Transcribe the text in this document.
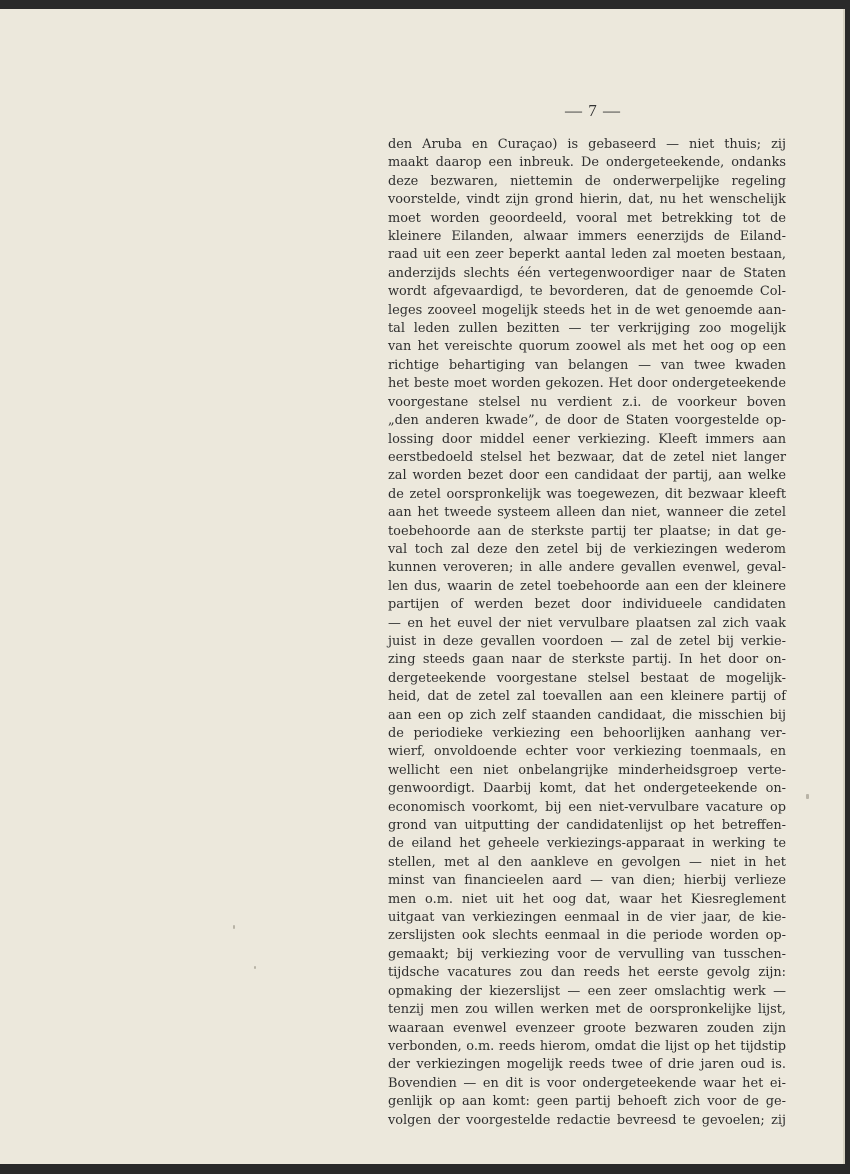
— 7 —
den Aruba en Curaçao) is gebaseerd — niet thuis; zij
maakt daarop een inbreuk. De ondergeteekende, ondanks
deze bezwaren, niettemin de onderwerpelijke regeling
voorstelde, vindt zijn grond hierin, dat, nu het wenschelijk
moet worden geoordeeld, vooral met betrekking tot de
kleinere Eilanden, alwaar immers eenerzijds de Eiland-
raad uit een zeer beperkt aantal leden zal moeten bestaan,
anderzijds slechts één vertegenwoordiger naar de Staten
wordt afgevaardigd, te bevorderen, dat de genoemde Col-
leges zooveel mogelijk steeds het in de wet genoemde aan-
tal leden zullen bezitten — ter verkrijging zoo mogelijk
van het vereischte quorum zoowel als met het oog op een
richtige behartiging van belangen — van twee kwaden
het beste moet worden gekozen. Het door ondergeteekende
voorgestane stelsel nu verdient z.i. de voorkeur boven
„den anderen kwade”, de door de Staten voorgestelde op-
lossing door middel eener verkiezing. Kleeft immers aan
eerstbedoeld stelsel het bezwaar, dat de zetel niet langer
zal worden bezet door een candidaat der partij, aan welke
de zetel oorspronkelijk was toegewezen, dit bezwaar kleeft
aan het tweede systeem alleen dan niet, wanneer die zetel
toebehoorde aan de sterkste partij ter plaatse; in dat ge-
val toch zal deze den zetel bij de verkiezingen wederom
kunnen veroveren; in alle andere gevallen evenwel, geval-
len dus, waarin de zetel toebehoorde aan een der kleinere
partijen of werden bezet door individueele candidaten
— en het euvel der niet vervulbare plaatsen zal zich vaak
juist in deze gevallen voordoen — zal de zetel bij verkie-
zing steeds gaan naar de sterkste partij. In het door on-
dergeteekende voorgestane stelsel bestaat de mogelijk-
heid, dat de zetel zal toevallen aan een kleinere partij of
aan een op zich zelf staanden candidaat, die misschien bij
de periodieke verkiezing een behoorlijken aanhang ver-
wierf, onvoldoende echter voor verkiezing toenmaals, en
wellicht een niet onbelangrijke minderheidsgroep verte-
genwoordigt. Daarbij komt, dat het ondergeteekende on-
economisch voorkomt, bij een niet-vervulbare vacature op
grond van uitputting der candidatenlijst op het betreffen-
de eiland het geheele verkiezings-apparaat in werking te
stellen, met al den aankleve en gevolgen — niet in het
minst van financieelen aard — van dien; hierbij verlieze
men o.m. niet uit het oog dat, waar het Kiesreglement
uitgaat van verkiezingen eenmaal in de vier jaar, de kie-
zerslijsten ook slechts eenmaal in die periode worden op-
gemaakt; bij verkiezing voor de vervulling van tusschen-
tijdsche vacatures zou dan reeds het eerste gevolg zijn:
opmaking der kiezerslijst — een zeer omslachtig werk —
tenzij men zou willen werken met de oorspronkelijke lijst,
waaraan evenwel evenzeer groote bezwaren zouden zijn
verbonden, o.m. reeds hierom, omdat die lijst op het tijdstip
der verkiezingen mogelijk reeds twee of drie jaren oud is.
Bovendien — en dit is voor ondergeteekende waar het ei-
genlijk op aan komt: geen partij behoeft zich voor de ge-
volgen der voorgestelde redactie bevreesd te gevoelen; zij
